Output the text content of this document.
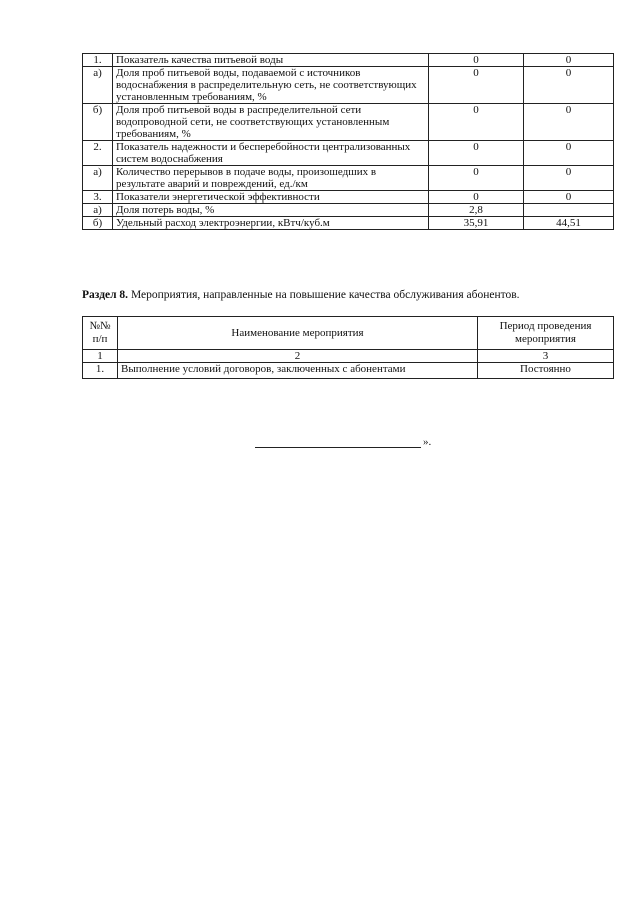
1.	Показатель качества питьевой воды	0	0
а)	Доля проб питьевой воды, подаваемой с источников водоснабжения в распределительную сеть, не соответствующих установленным требованиям, %	0	0
б)	Доля проб питьевой воды в распределительной сети водопроводной сети, не соответствующих установленным требованиям, %	0	0
2.	Показатель надежности и бесперебойности централизованных систем водоснабжения	0	0
а)	Количество перерывов в подаче воды, произошедших в результате аварий и повреждений, ед./км	0	0
3.	Показатели энергетической эффективности	0	0
а)	Доля потерь воды, %	2,8	
б)	Удельный расход электроэнергии, кВтч/куб.м	35,91	44,51
Раздел 8. Мероприятия, направленные на повышение качества обслуживания абонентов.
№№ п/п	Наименование мероприятия	Период проведения мероприятия
1	2	3
1.	Выполнение условий договоров, заключенных с абонентами	Постоянно
».
